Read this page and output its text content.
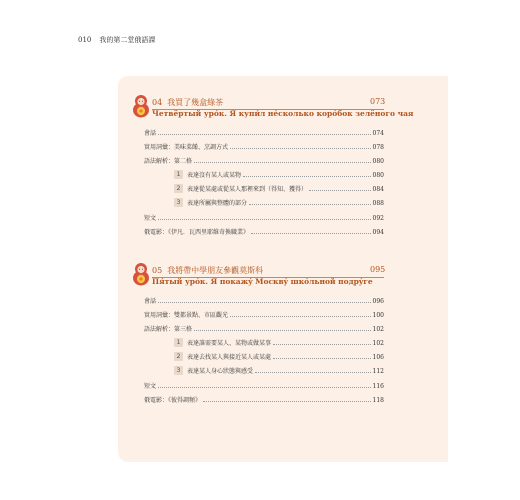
010 我的第二堂俄語課
04 我買了幾盒綠茶	073
Четвёртый урóк. Я купи́л нéсколько корóбок зелёного чая
會話	074
實用詞彙：美味菜餚、烹調方式	078
語法解析：第二格	080
1	表達沒有某人或某物	080
2	表達從某處或從某人那裡來到（得知、獲得）	084
3	表達所屬與整體的部分	088
短文	092
俄電影：《伊凡．瓦西里耶維奇換職業》	094
05 我將帶中學朋友參觀莫斯科	095
Пя́тый урóк. Я покажý Москвý шкóльной подрýге
會話	096
實用詞彙：雙都景點、市區觀光	100
語法解析：第三格	102
1	表達誰需要某人、某物或做某事	102
2	表達去找某人與接近某人或某處	106
3	表達某人身心狀態與感受	112
短文	116
俄電影：《彼得調頻》	118
